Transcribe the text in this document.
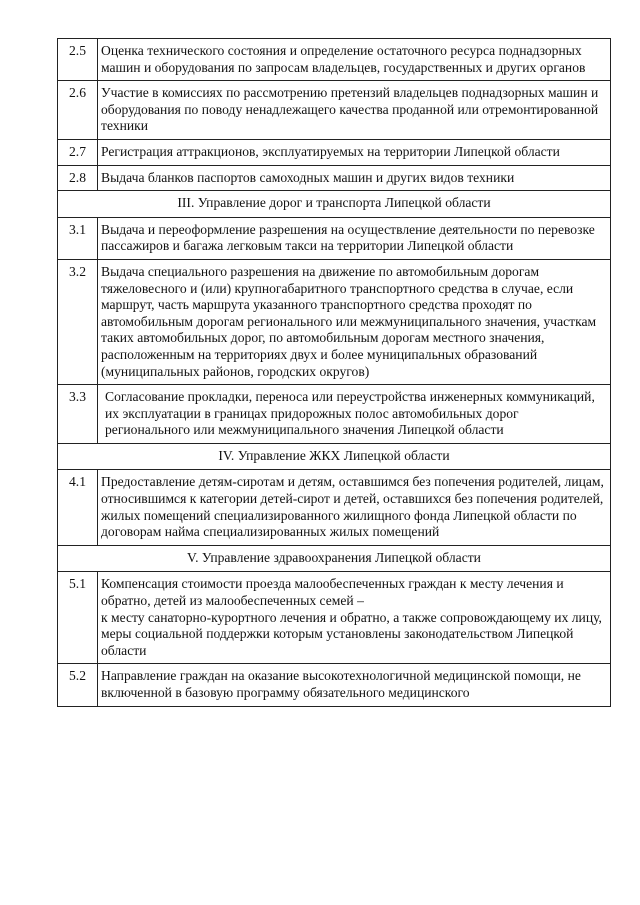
2.5	Оценка технического состояния и определение остаточного ресурса поднадзорных машин и оборудования по запросам владельцев, государственных и других органов
2.6	Участие в комиссиях по рассмотрению претензий владельцев поднадзорных машин и оборудования по поводу ненадлежащего качества проданной или отремонтированной техники
2.7	Регистрация аттракционов, эксплуатируемых на территории Липецкой области
2.8	Выдача бланков паспортов самоходных машин и других видов техники
III. Управление дорог и транспорта Липецкой области	
3.1	Выдача и переоформление разрешения на осуществление деятельности по перевозке пассажиров и багажа легковым такси на территории Липецкой области
3.2	Выдача специального разрешения на движение по автомобильным дорогам тяжеловесного и (или) крупногабаритного транспортного средства в случае, если маршрут, часть маршрута указанного транспортного средства проходят по автомобильным дорогам регионального или межмуниципального значения, участкам таких автомобильных дорог, по автомобильным дорогам местного значения, расположенным на территориях двух и более муниципальных образований (муниципальных районов, городских округов)
3.3	Согласование прокладки, переноса или переустройства инженерных коммуникаций, их эксплуатации в границах придорожных полос автомобильных дорог регионального или межмуниципального значения Липецкой области
IV. Управление ЖКХ Липецкой области	
4.1	Предоставление детям-сиротам и детям, оставшимся без попечения родителей, лицам, относившимся к категории детей-сирот и детей, оставшихся без попечения родителей, жилых помещений специализированного жилищного фонда Липецкой области по договорам найма специализированных жилых помещений
V. Управление здравоохранения Липецкой области	
5.1	Компенсация стоимости проезда малообеспеченных граждан к месту лечения и обратно, детей из малообеспеченных семей –
к месту санаторно-курортного лечения и обратно, а также сопровождающему их лицу, меры социальной поддержки которым установлены законодательством Липецкой области
5.2	Направление граждан на оказание высокотехнологичной медицинской помощи, не включенной в базовую программу обязательного медицинского
